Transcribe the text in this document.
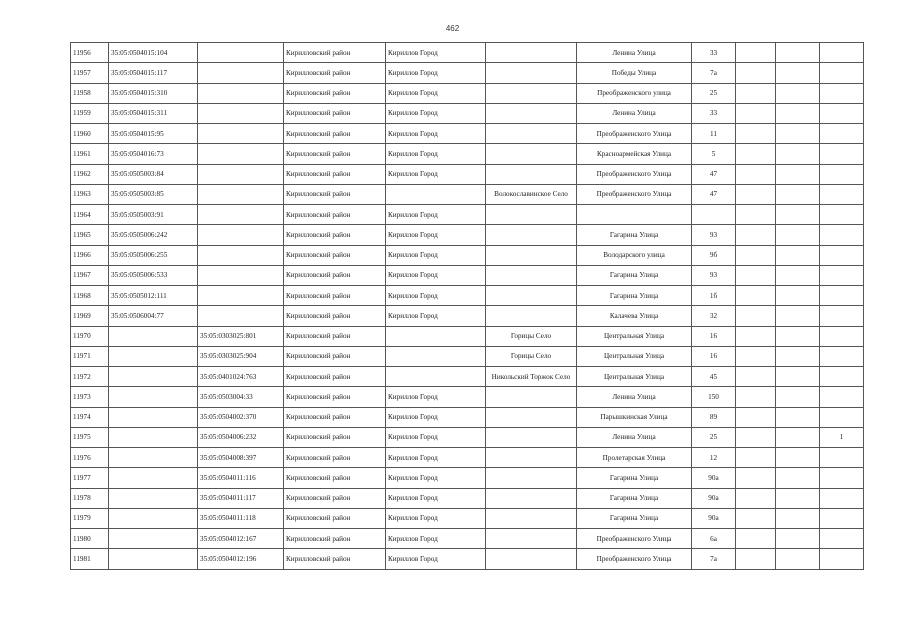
462
11956	35:05:0504015:104		Кирилловский район	Кириллов Город		Ленина Улица	33			
11957	35:05:0504015:117		Кирилловский район	Кириллов Город		Победы Улица	7а			
11958	35:05:0504015:310		Кирилловский район	Кириллов Город		Преображенского улица	25			
11959	35:05:0504015:311		Кирилловский район	Кириллов Город		Ленина Улица	33			
11960	35:05:0504015:95		Кирилловский район	Кириллов Город		Преображенского Улица	11			
11961	35:05:0504016:73		Кирилловский район	Кириллов Город		Красноармейская Улица	5			
11962	35:05:0505003:84		Кирилловский район	Кириллов Город		Преображенского Улица	47			
11963	35:05:0505003:85		Кирилловский район		Волокославинское Село	Преображенского Улица	47			
11964	35:05:0505003:91		Кирилловский район	Кириллов Город						
11965	35:05:0505006:242		Кирилловский район	Кириллов Город		Гагарина Улица	93			
11966	35:05:0505006:255		Кирилловский район	Кириллов Город		Володарского улица	9б			
11967	35:05:0505006:533		Кирилловский район	Кириллов Город		Гагарина Улица	93			
11968	35:05:0505012:111		Кирилловский район	Кириллов Город		Гагарина Улица	1б			
11969	35:05:0506004:77		Кирилловский район	Кириллов Город		Калачева Улица	32			
11970		35:05:0303025:801	Кирилловский район		Горицы Село	Центральная Улица	16			
11971		35:05:0303025:904	Кирилловский район		Горицы Село	Центральная Улица	16			
11972		35:05:0401024:763	Кирилловский район		Никольский Торжок Село	Центральная Улица	45			
11973		35:05:0503004:33	Кирилловский район	Кириллов Город		Ленина Улица	150			
11974		35:05:0504002:370	Кирилловский район	Кириллов Город		Парышкинская Улица	89			
11975		35:05:0504006:232	Кирилловский район	Кириллов Город		Ленина Улица	25			1
11976		35:05:0504008:397	Кирилловский район	Кириллов Город		Пролетарская Улица	12			
11977		35:05:0504011:116	Кирилловский район	Кириллов Город		Гагарина Улица	90а			
11978		35:05:0504011:117	Кирилловский район	Кириллов Город		Гагарина Улица	90а			
11979		35:05:0504011:118	Кирилловский район	Кириллов Город		Гагарина Улица	90а			
11980		35:05:0504012:167	Кирилловский район	Кириллов Город		Преображенского Улица	6а			
11981		35:05:0504012:196	Кирилловский район	Кириллов Город		Преображенского Улица	7а			
